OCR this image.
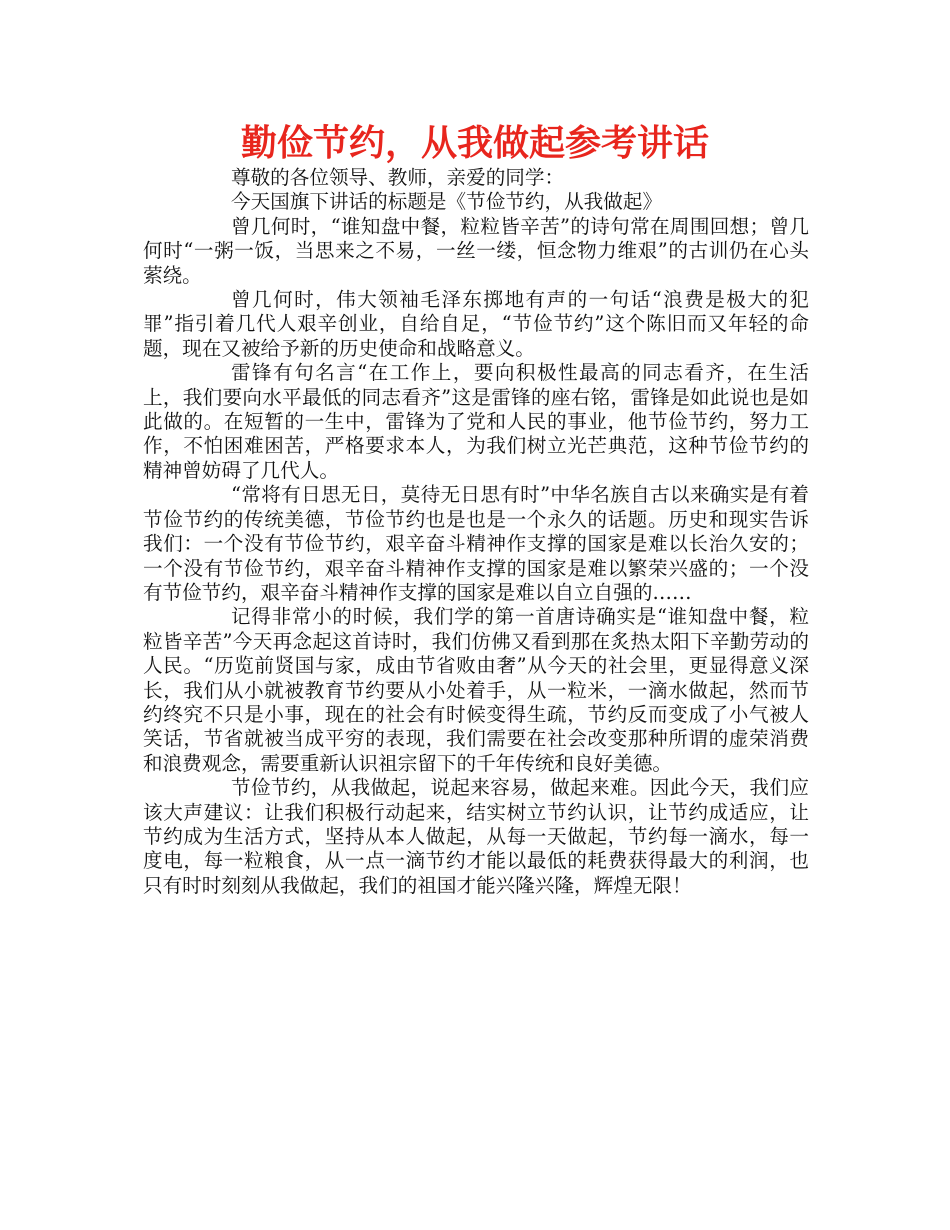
勤俭节约，从我做起参考讲话

尊敬的各位领导、教师，亲爱的同学：

今天国旗下讲话的标题是《节俭节约，从我做起》

曾几何时，“谁知盘中餐，粒粒皆辛苦”的诗句常在周围回想；曾几何时“一粥一饭，当思来之不易，一丝一缕，恒念物力维艰”的古训仍在心头萦绕。

曾几何时，伟大领袖毛泽东掷地有声的一句话“浪费是极大的犯罪”指引着几代人艰辛创业，自给自足，“节俭节约”这个陈旧而又年轻的命题，现在又被给予新的历史使命和战略意义。

雷锋有句名言“在工作上，要向积极性最高的同志看齐，在生活上，我们要向水平最低的同志看齐”这是雷锋的座右铭，雷锋是如此说也是如此做的。在短暂的一生中，雷锋为了党和人民的事业，他节俭节约，努力工作，不怕困难困苦，严格要求本人，为我们树立光芒典范，这种节俭节约的精神曾妨碍了几代人。

“常将有日思无日，莫待无日思有时”中华名族自古以来确实是有着节俭节约的传统美德，节俭节约也是也是一个永久的话题。历史和现实告诉我们：一个没有节俭节约，艰辛奋斗精神作支撑的国家是难以长治久安的；一个没有节俭节约，艰辛奋斗精神作支撑的国家是难以繁荣兴盛的；一个没有节俭节约，艰辛奋斗精神作支撑的国家是难以自立自强的……

记得非常小的时候，我们学的第一首唐诗确实是“谁知盘中餐，粒粒皆辛苦”今天再念起这首诗时，我们仿佛又看到那在炙热太阳下辛勤劳动的人民。“历览前贤国与家，成由节省败由奢”从今天的社会里，更显得意义深长，我们从小就被教育节约要从小处着手，从一粒米，一滴水做起，然而节约终究不只是小事，现在的社会有时候变得生疏，节约反而变成了小气被人笑话，节省就被当成平穷的表现，我们需要在社会改变那种所谓的虚荣消费和浪费观念，需要重新认识祖宗留下的千年传统和良好美德。

节俭节约，从我做起，说起来容易，做起来难。因此今天，我们应该大声建议：让我们积极行动起来，结实树立节约认识，让节约成适应，让节约成为生活方式，坚持从本人做起，从每一天做起，节约每一滴水，每一度电，每一粒粮食，从一点一滴节约才能以最低的耗费获得最大的利润，也只有时时刻刻从我做起，我们的祖国才能兴隆兴隆，辉煌无限！
